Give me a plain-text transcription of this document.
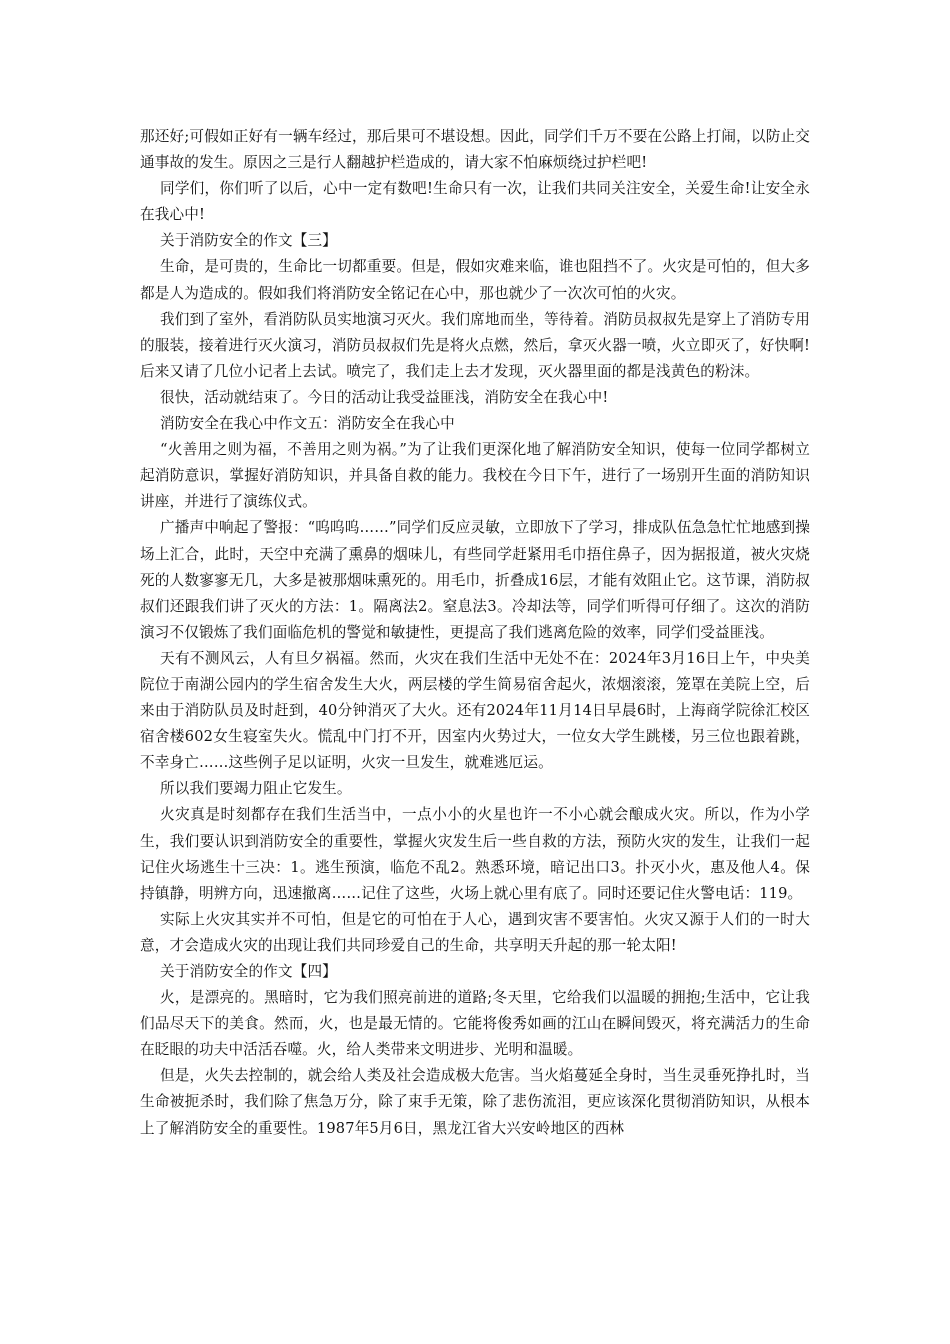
那还好;可假如正好有一辆车经过，那后果可不堪设想。因此，同学们千万不要在公路上打闹，以防止交通事故的发生。原因之三是行人翻越护栏造成的，请大家不怕麻烦绕过护栏吧!

同学们，你们听了以后，心中一定有数吧!生命只有一次，让我们共同关注安全，关爱生命!让安全永在我心中!

关于消防安全的作文【三】

生命，是可贵的，生命比一切都重要。但是，假如灾难来临，谁也阻挡不了。火灾是可怕的，但大多都是人为造成的。假如我们将消防安全铭记在心中，那也就少了一次次可怕的火灾。

我们到了室外，看消防队员实地演习灭火。我们席地而坐，等待着。消防员叔叔先是穿上了消防专用的服装，接着进行灭火演习，消防员叔叔们先是将火点燃，然后，拿灭火器一喷，火立即灭了，好快啊!后来又请了几位小记者上去试。喷完了，我们走上去才发现，灭火器里面的都是浅黄色的粉沫。

很快，活动就结束了。今日的活动让我受益匪浅，消防安全在我心中!

消防安全在我心中作文五：消防安全在我心中

“火善用之则为福，不善用之则为祸。”为了让我们更深化地了解消防安全知识，使每一位同学都树立起消防意识，掌握好消防知识，并具备自救的能力。我校在今日下午，进行了一场别开生面的消防知识讲座，并进行了演练仪式。

广播声中响起了警报：“呜呜呜……”同学们反应灵敏，立即放下了学习，排成队伍急急忙忙地感到操场上汇合，此时，天空中充满了熏鼻的烟味儿，有些同学赶紧用毛巾捂住鼻子，因为据报道，被火灾烧死的人数寥寥无几，大多是被那烟味熏死的。用毛巾，折叠成16层，才能有效阻止它。这节课，消防叔叔们还跟我们讲了灭火的方法：1。隔离法2。窒息法3。冷却法等，同学们听得可仔细了。这次的消防演习不仅锻炼了我们面临危机的警觉和敏捷性，更提高了我们逃离危险的效率，同学们受益匪浅。

天有不测风云，人有旦夕祸福。然而，火灾在我们生活中无处不在：2024年3月16日上午，中央美院位于南湖公园内的学生宿舍发生大火，两层楼的学生简易宿舍起火，浓烟滚滚，笼罩在美院上空，后来由于消防队员及时赶到，40分钟消灭了大火。还有2024年11月14日早晨6时，上海商学院徐汇校区宿舍楼602女生寝室失火。慌乱中门打不开，因室内火势过大，一位女大学生跳楼，另三位也跟着跳，不幸身亡……这些例子足以证明，火灾一旦发生，就难逃厄运。

所以我们要竭力阻止它发生。

火灾真是时刻都存在我们生活当中，一点小小的火星也许一不小心就会酿成火灾。所以，作为小学生，我们要认识到消防安全的重要性，掌握火灾发生后一些自救的方法，预防火灾的发生，让我们一起记住火场逃生十三决：1。逃生预演，临危不乱2。熟悉环境，暗记出口3。扑灭小火，惠及他人4。保持镇静，明辨方向，迅速撤离……记住了这些，火场上就心里有底了。同时还要记住火警电话：119。

实际上火灾其实并不可怕，但是它的可怕在于人心，遇到灾害不要害怕。火灾又源于人们的一时大意，才会造成火灾的出现让我们共同珍爱自己的生命，共享明天升起的那一轮太阳!

关于消防安全的作文【四】

火，是漂亮的。黑暗时，它为我们照亮前进的道路;冬天里，它给我们以温暖的拥抱;生活中，它让我们品尽天下的美食。然而，火，也是最无情的。它能将俊秀如画的江山在瞬间毁灭，将充满活力的生命在眨眼的功夫中活活吞噬。火，给人类带来文明进步、光明和温暖。

但是，火失去控制的，就会给人类及社会造成极大危害。当火焰蔓延全身时，当生灵垂死挣扎时，当生命被扼杀时，我们除了焦急万分，除了束手无策，除了悲伤流泪，更应该深化贯彻消防知识，从根本上了解消防安全的重要性。1987年5月6日，黑龙江省大兴安岭地区的西林
